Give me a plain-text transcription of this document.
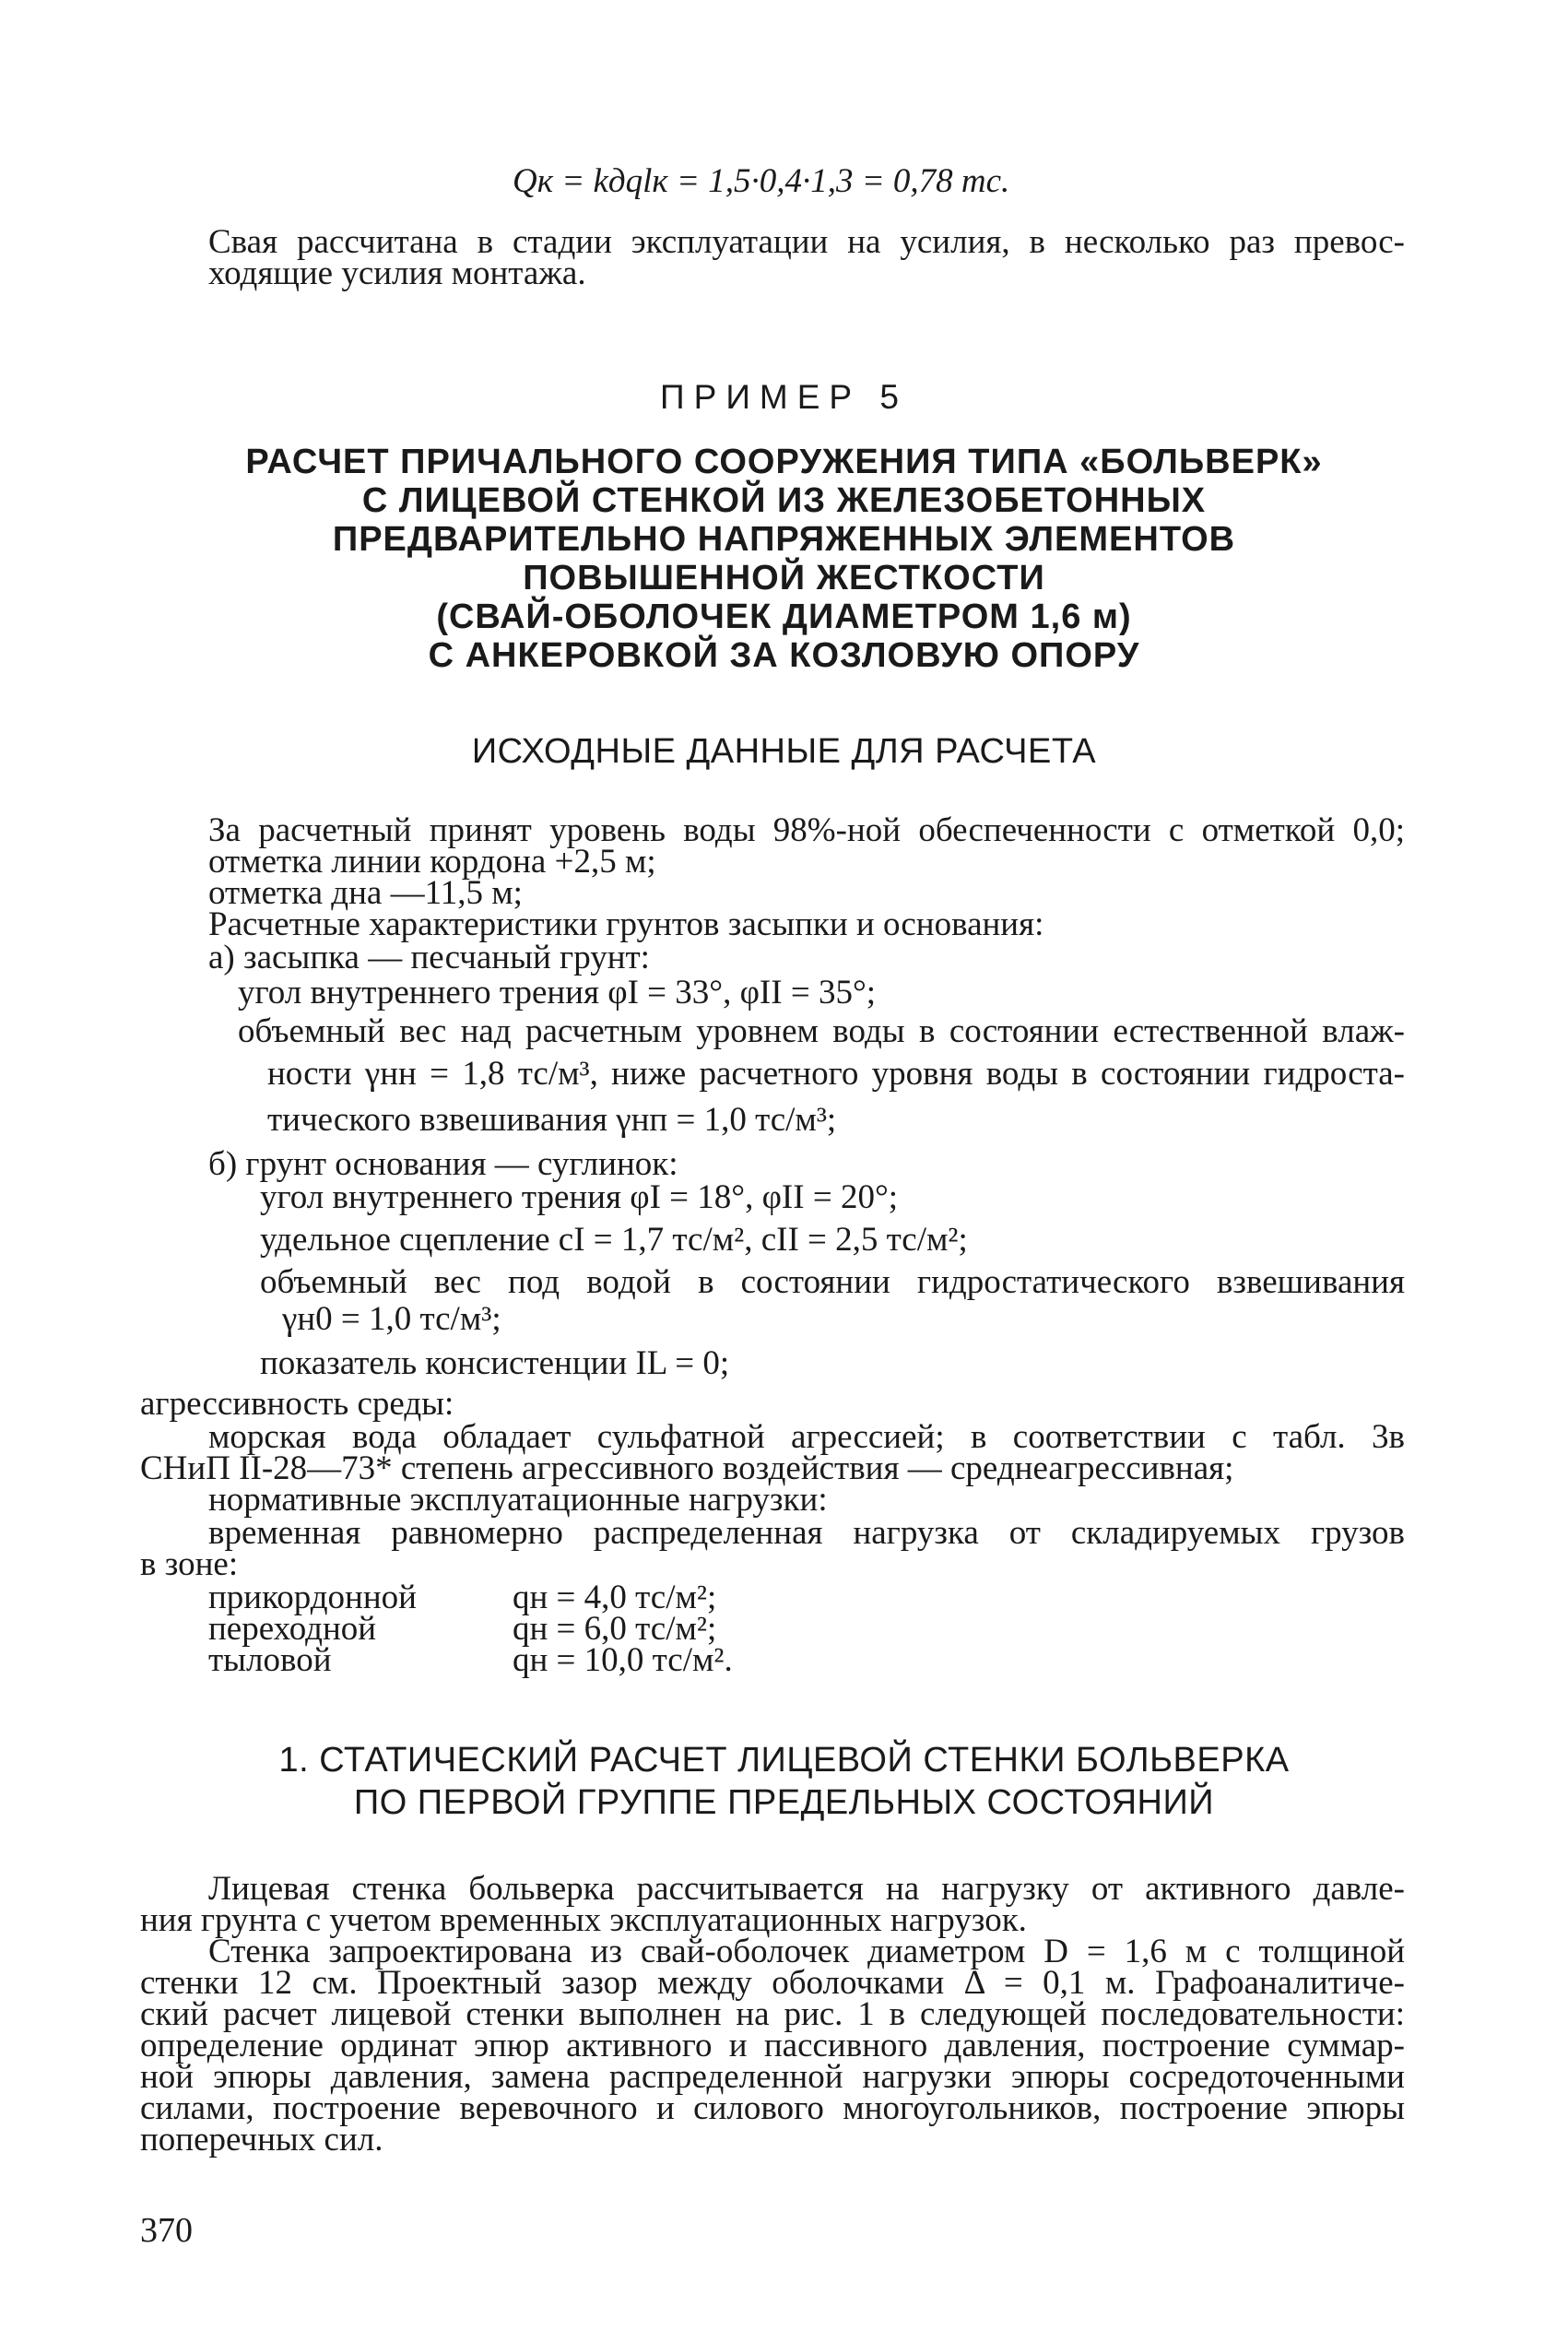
Qк = kдqlк = 1,5·0,4·1,3 = 0,78 тс.
Свая рассчитана в стадии эксплуатации на усилия, в несколько раз превос-
ходящие усилия монтажа.
ПРИМЕР 5
РАСЧЕТ ПРИЧАЛЬНОГО СООРУЖЕНИЯ ТИПА «БОЛЬВЕРК»
С ЛИЦЕВОЙ СТЕНКОЙ ИЗ ЖЕЛЕЗОБЕТОННЫХ
ПРЕДВАРИТЕЛЬНО НАПРЯЖЕННЫХ ЭЛЕМЕНТОВ
ПОВЫШЕННОЙ ЖЕСТКОСТИ
(СВАЙ-ОБОЛОЧЕК ДИАМЕТРОМ 1,6 м)
С АНКЕРОВКОЙ ЗА КОЗЛОВУЮ ОПОРУ
ИСХОДНЫЕ ДАННЫЕ ДЛЯ РАСЧЕТА
За расчетный принят уровень воды 98%-ной обеспеченности с отметкой 0,0;
отметка линии кордона +2,5 м;
отметка дна —11,5 м;
Расчетные характеристики грунтов засыпки и основания:
а) засыпка — песчаный грунт:
угол внутреннего трения φI = 33°, φII = 35°;
объемный вес над расчетным уровнем воды в состоянии естественной влаж-
ности γнн = 1,8 тс/м³, ниже расчетного уровня воды в состоянии гидроста-
тического взвешивания γнп = 1,0 тс/м³;
б) грунт основания — суглинок:
угол внутреннего трения φI = 18°, φII = 20°;
удельное сцепление cI = 1,7 тс/м², cII = 2,5 тс/м²;
объемный вес под водой в состоянии гидростатического взвешивания
γн0 = 1,0 тс/м³;
показатель консистенции IL = 0;
агрессивность среды:
морская вода обладает сульфатной агрессией; в соответствии с табл. 3в
СНиП II-28—73* степень агрессивного воздействия — среднеагрессивная;
нормативные эксплуатационные нагрузки:
временная равномерно распределенная нагрузка от складируемых грузов
в зоне:
прикордонной	qн = 4,0 тс/м²;
переходной	qн = 6,0 тс/м²;
тыловой	qн = 10,0 тс/м².
1. СТАТИЧЕСКИЙ РАСЧЕТ ЛИЦЕВОЙ СТЕНКИ БОЛЬВЕРКА
ПО ПЕРВОЙ ГРУППЕ ПРЕДЕЛЬНЫХ СОСТОЯНИЙ
Лицевая стенка больверка рассчитывается на нагрузку от активного давле-
ния грунта с учетом временных эксплуатационных нагрузок.
Стенка запроектирована из свай-оболочек диаметром D = 1,6 м с толщиной
стенки 12 см. Проектный зазор между оболочками Δ = 0,1 м. Графоаналитиче-
ский расчет лицевой стенки выполнен на рис. 1 в следующей последовательности:
определение ординат эпюр активного и пассивного давления, построение суммар-
ной эпюры давления, замена распределенной нагрузки эпюры сосредоточенными
силами, построение веревочного и силового многоугольников, построение эпюры
поперечных сил.
370
